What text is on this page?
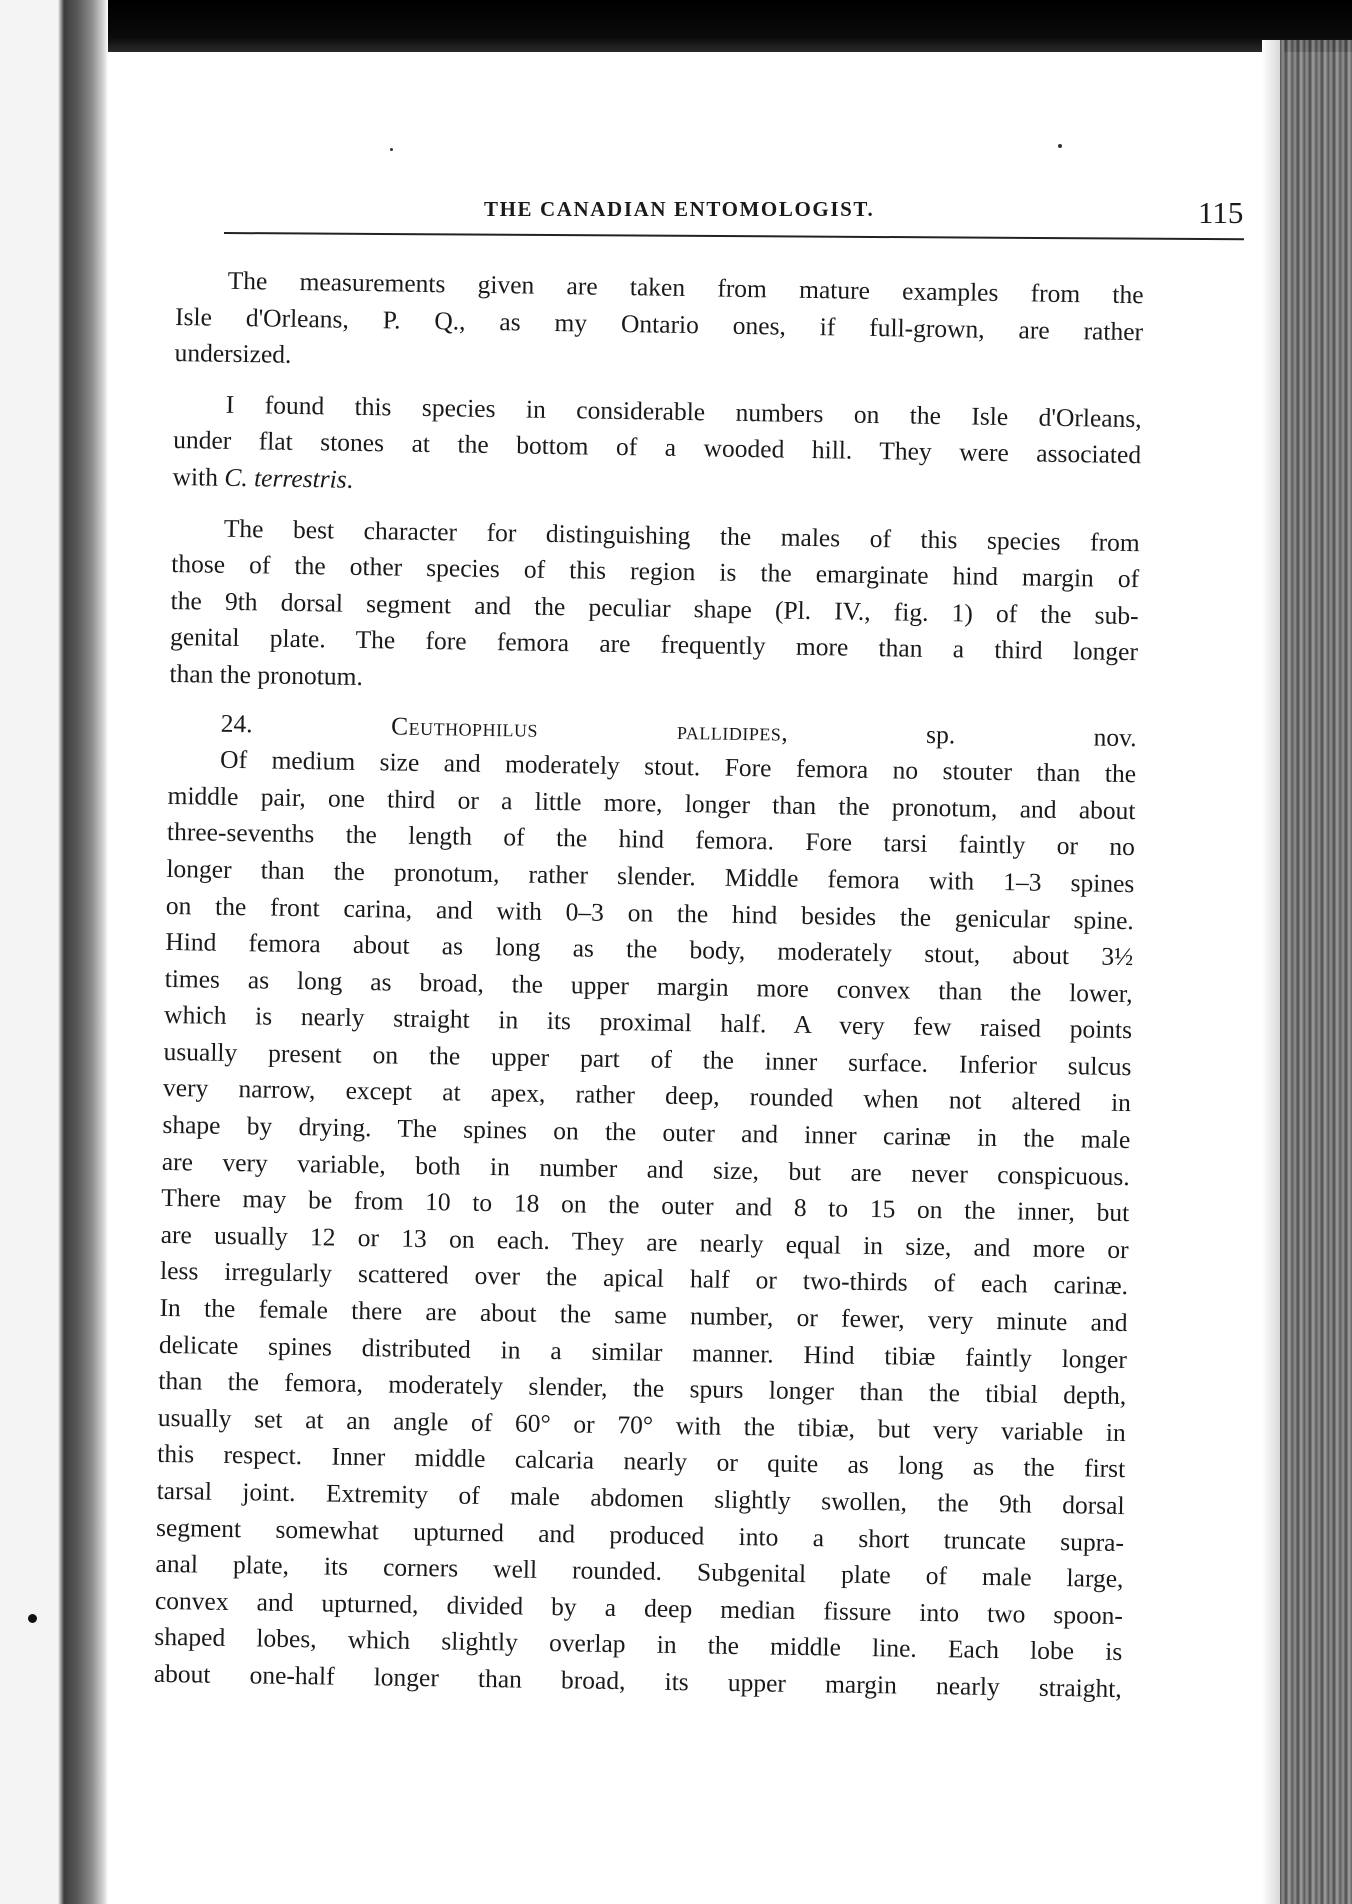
THE CANADIAN ENTOMOLOGIST.	115

The measurements given are taken from mature examples from the

Isle d'Orleans, P. Q., as my Ontario ones, if full-grown, are rather

undersized.

I found this species in considerable numbers on the Isle d'Orleans,

under flat stones at the bottom of a wooded hill. They were associated

with C. terrestris.

The best character for distinguishing the males of this species from

those of the other species of this region is the emarginate hind margin of

the 9th dorsal segment and the peculiar shape (Pl. IV., fig. 1) of the sub-

genital plate. The fore femora are frequently more than a third longer

than the pronotum.

24.	Ceuthophilus pallidipes, sp. nov.

Of medium size and moderately stout. Fore femora no stouter than the

middle pair, one third or a little more, longer than the pronotum, and about

three-sevenths the length of the hind femora. Fore tarsi faintly or no

longer than the pronotum, rather slender. Middle femora with 1–3 spines

on the front carina, and with 0–3 on the hind besides the genicular spine.

Hind femora about as long as the body, moderately stout, about 3½

times as long as broad, the upper margin more convex than the lower,

which is nearly straight in its proximal half. A very few raised points

usually present on the upper part of the inner surface. Inferior sulcus

very narrow, except at apex, rather deep, rounded when not altered in

shape by drying. The spines on the outer and inner carinæ in the male

are very variable, both in number and size, but are never conspicuous.

There may be from 10 to 18 on the outer and 8 to 15 on the inner, but

are usually 12 or 13 on each. They are nearly equal in size, and more or

less irregularly scattered over the apical half or two-thirds of each carinæ.

In the female there are about the same number, or fewer, very minute and

delicate spines distributed in a similar manner. Hind tibiæ faintly longer

than the femora, moderately slender, the spurs longer than the tibial depth,

usually set at an angle of 60° or 70° with the tibiæ, but very variable in

this respect. Inner middle calcaria nearly or quite as long as the first

tarsal joint. Extremity of male abdomen slightly swollen, the 9th dorsal

segment somewhat upturned and produced into a short truncate supra-

anal plate, its corners well rounded. Subgenital plate of male large,

convex and upturned, divided by a deep median fissure into two spoon-

shaped lobes, which slightly overlap in the middle line. Each lobe is

about one-half longer than broad, its upper margin nearly straight,
